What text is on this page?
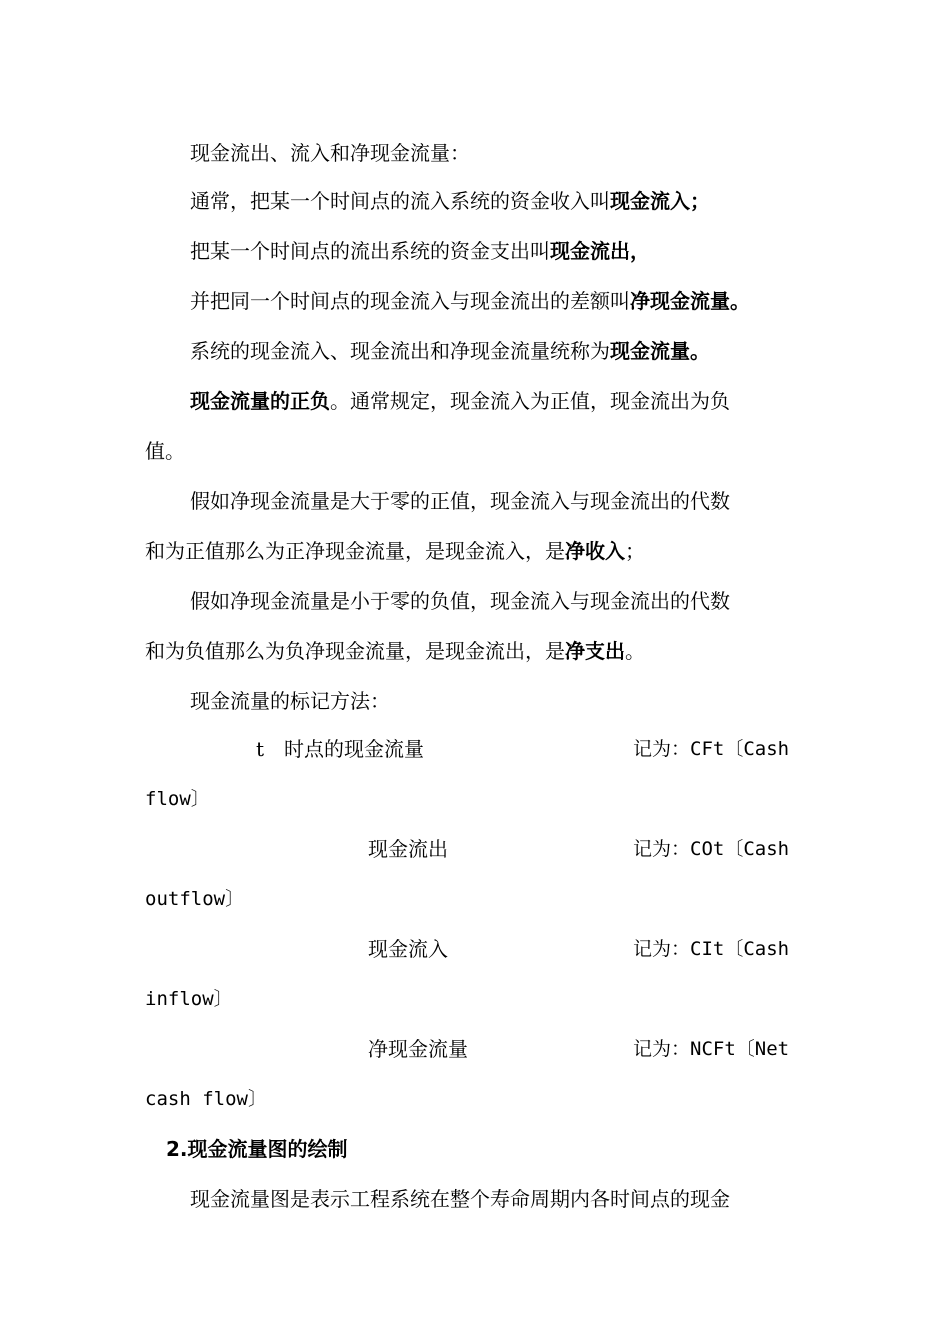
现金流出、流入和净现金流量：
通常，把某一个时间点的流入系统的资金收入叫现金流入；
把某一个时间点的流出系统的资金支出叫现金流出，
并把同一个时间点的现金流入与现金流出的差额叫净现金流量。
系统的现金流入、现金流出和净现金流量统称为现金流量。
现金流量的正负。通常规定，现金流入为正值，现金流出为负
值。
假如净现金流量是大于零的正值，现金流入与现金流出的代数
和为正值那么为正净现金流量，是现金流入，是净收入；
假如净现金流量是小于零的负值，现金流入与现金流出的代数
和为负值那么为负净现金流量，是现金流出，是净支出。
现金流量的标记方法：
t　时点的现金流量	记为：CFt〔Cash
flow〕
现金流出	记为：COt〔Cash
outflow〕
现金流入	记为：CIt〔Cash
inflow〕
净现金流量	记为：NCFt〔Net
cash flow〕
2.现金流量图的绘制
现金流量图是表示工程系统在整个寿命周期内各时间点的现金
